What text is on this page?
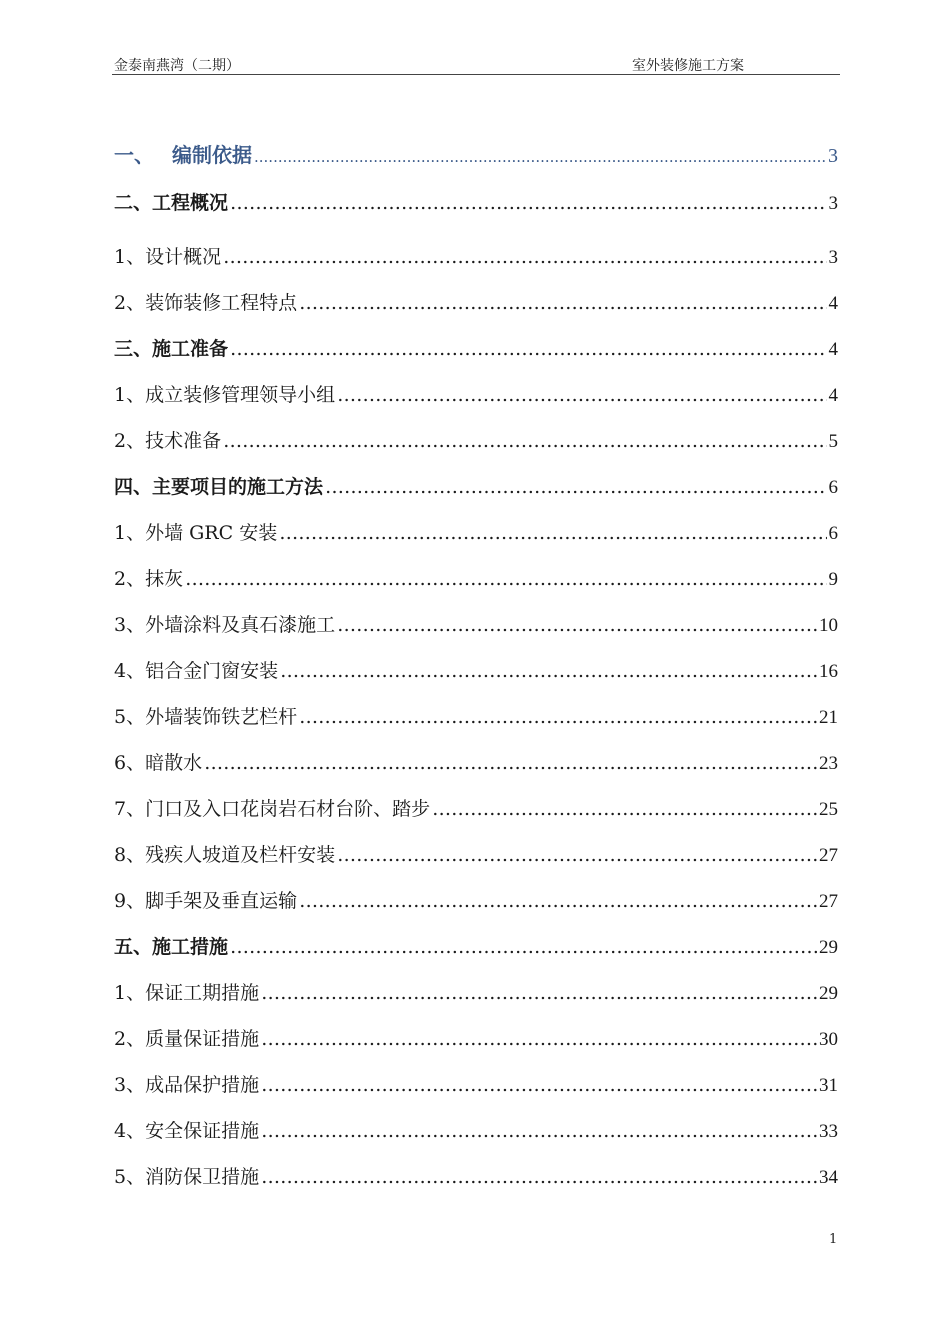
金泰南燕湾（二期）	室外装修施工方案
一、 编制依据 .....	3
二、工程概况 …………………………………………………………………………………………………………………………………………………………………………………………	3
1、设计概况 …………………………………………………………………………………………………………………………………………………………………………………………	3
2、装饰装修工程特点 …………………………………………………………………………………………………………………………………………………………………………………………	4
三、施工准备 …………………………………………………………………………………………………………………………………………………………………………………………	4
1、成立装修管理领导小组 …………………………………………………………………………………………………………………………………………………………………………………………	4
2、技术准备 …………………………………………………………………………………………………………………………………………………………………………………………	5
四、主要项目的施工方法 …………………………………………………………………………………………………………………………………………………………………………………………	6
1、外墙 GRC 安装 …………………………………………………………………………………………………………………………………………………………………………………………	6
2、抹灰 …………………………………………………………………………………………………………………………………………………………………………………………	9
3、外墙涂料及真石漆施工 …………………………………………………………………………………………………………………………………………………………………………………………	10
4、铝合金门窗安装 …………………………………………………………………………………………………………………………………………………………………………………………	16
5、外墙装饰铁艺栏杆 …………………………………………………………………………………………………………………………………………………………………………………………	21
6、暗散水 …………………………………………………………………………………………………………………………………………………………………………………………	23
7、门口及入口花岗岩石材台阶、踏步 …………………………………………………………………………………………………………………………………………………………………………………………	25
8、残疾人坡道及栏杆安装 …………………………………………………………………………………………………………………………………………………………………………………………	27
9、脚手架及垂直运输 …………………………………………………………………………………………………………………………………………………………………………………………	27
五、施工措施 …………………………………………………………………………………………………………………………………………………………………………………………	29
1、保证工期措施 …………………………………………………………………………………………………………………………………………………………………………………………	29
2、质量保证措施 …………………………………………………………………………………………………………………………………………………………………………………………	30
3、成品保护措施 …………………………………………………………………………………………………………………………………………………………………………………………	31
4、安全保证措施 …………………………………………………………………………………………………………………………………………………………………………………………	33
5、消防保卫措施 …………………………………………………………………………………………………………………………………………………………………………………………	34
1
